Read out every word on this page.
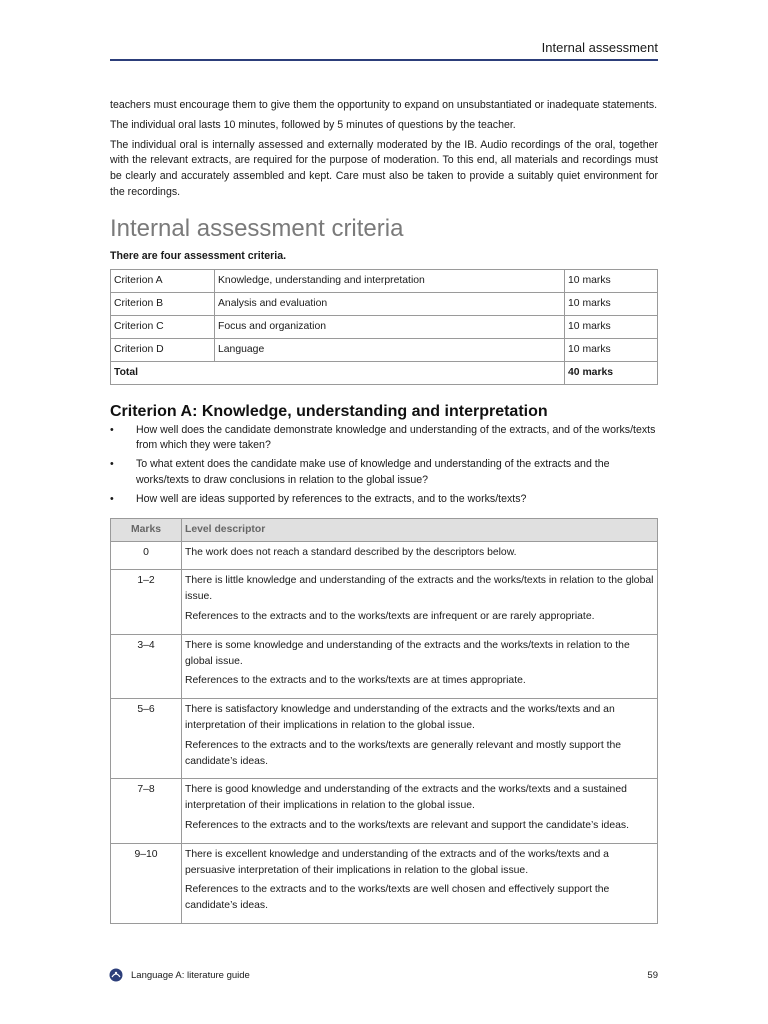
Internal assessment

teachers must encourage them to give them the opportunity to expand on unsubstantiated or inadequate statements.

The individual oral lasts 10 minutes, followed by 5 minutes of questions by the teacher.

The individual oral is internally assessed and externally moderated by the IB. Audio recordings of the oral, together with the relevant extracts, are required for the purpose of moderation. To this end, all materials and recordings must be clearly and accurately assembled and kept. Care must also be taken to provide a suitably quiet environment for the recordings.

Internal assessment criteria

There are four assessment criteria.

Criterion A	Knowledge, understanding and interpretation	10 marks
Criterion B	Analysis and evaluation	10 marks
Criterion C	Focus and organization	10 marks
Criterion D	Language	10 marks
Total		40 marks
Criterion A: Knowledge, understanding and interpretation
• How well does the candidate demonstrate knowledge and understanding of the extracts, and of the works/texts from which they were taken?
• To what extent does the candidate make use of knowledge and understanding of the extracts and the works/texts to draw conclusions in relation to the global issue?
• How well are ideas supported by references to the extracts, and to the works/texts?
Marks	Level descriptor
0	The work does not reach a standard described by the descriptors below.

1–2	There is little knowledge and understanding of the extracts and the works/texts in relation to the global issue.

References to the extracts and to the works/texts are infrequent or are rarely appropriate.

3–4	There is some knowledge and understanding of the extracts and the works/texts in relation to the global issue.

References to the extracts and to the works/texts are at times appropriate.

5–6	There is satisfactory knowledge and understanding of the extracts and the works/texts and an interpretation of their implications in relation to the global issue.

References to the extracts and to the works/texts are generally relevant and mostly support the candidate’s ideas.

7–8	There is good knowledge and understanding of the extracts and the works/texts and a sustained interpretation of their implications in relation to the global issue.

References to the extracts and to the works/texts are relevant and support the candidate’s ideas.

9–10	There is excellent knowledge and understanding of the extracts and of the works/texts and a persuasive interpretation of their implications in relation to the global issue.

References to the extracts and to the works/texts are well chosen and effectively support the candidate’s ideas.

Language A: literature guide	59
